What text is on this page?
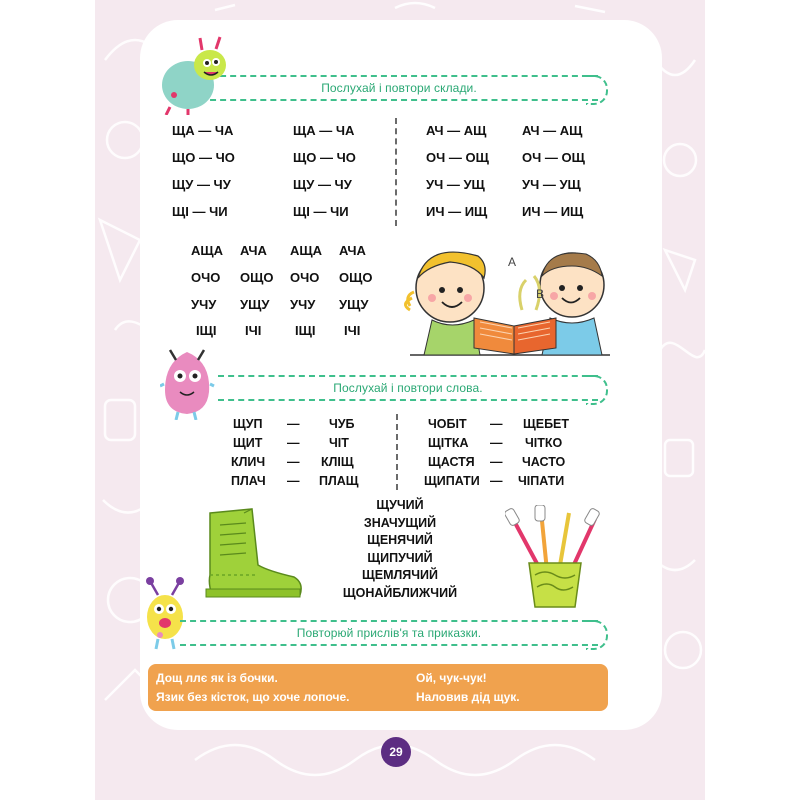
Послухай і повтори склади.
ЩА — ЧА
ЩО — ЧО
ЩУ — ЧУ
ЩІ — ЧИ
ЩА — ЧА
ЩО — ЧО
ЩУ — ЧУ
ЩІ — ЧИ
АЧ — АЩ
ОЧ — ОЩ
УЧ — УЩ
ИЧ — ИЩ
АЧ — АЩ
ОЧ — ОЩ
УЧ — УЩ
ИЧ — ИЩ
АЩА АЧА АЩА АЧА
ОЧО ОЩО ОЧО ОЩО
УЧУ УЩУ УЧУ УЩУ
ІЩІ ІЧІ	ІЩІ ІЧІ
А
В
Послухай і повтори слова.
ЩУП — ЧУБ
ЩИТ — ЧІТ
КЛИЧ — КЛІЩ
ПЛАЧ — ПЛАЩ
ЧОБІТ — ЩЕБЕТ
ЩІТКА — ЧІТКО
ЩАСТЯ — ЧАСТО
ЩИПАТИ — ЧІПАТИ
ЩУЧИЙ
ЗНАЧУЩИЙ
ЩЕНЯЧИЙ
ЩИПУЧИЙ
ЩЕМЛЯЧИЙ
ЩОНАЙБЛИЖЧИЙ
Повторюй прислів'я та приказки.
Дощ ллє як із бочки.
Язик без кісток, що хоче лопоче.
Ой, чук-чук!
Наловив дід щук.
29
